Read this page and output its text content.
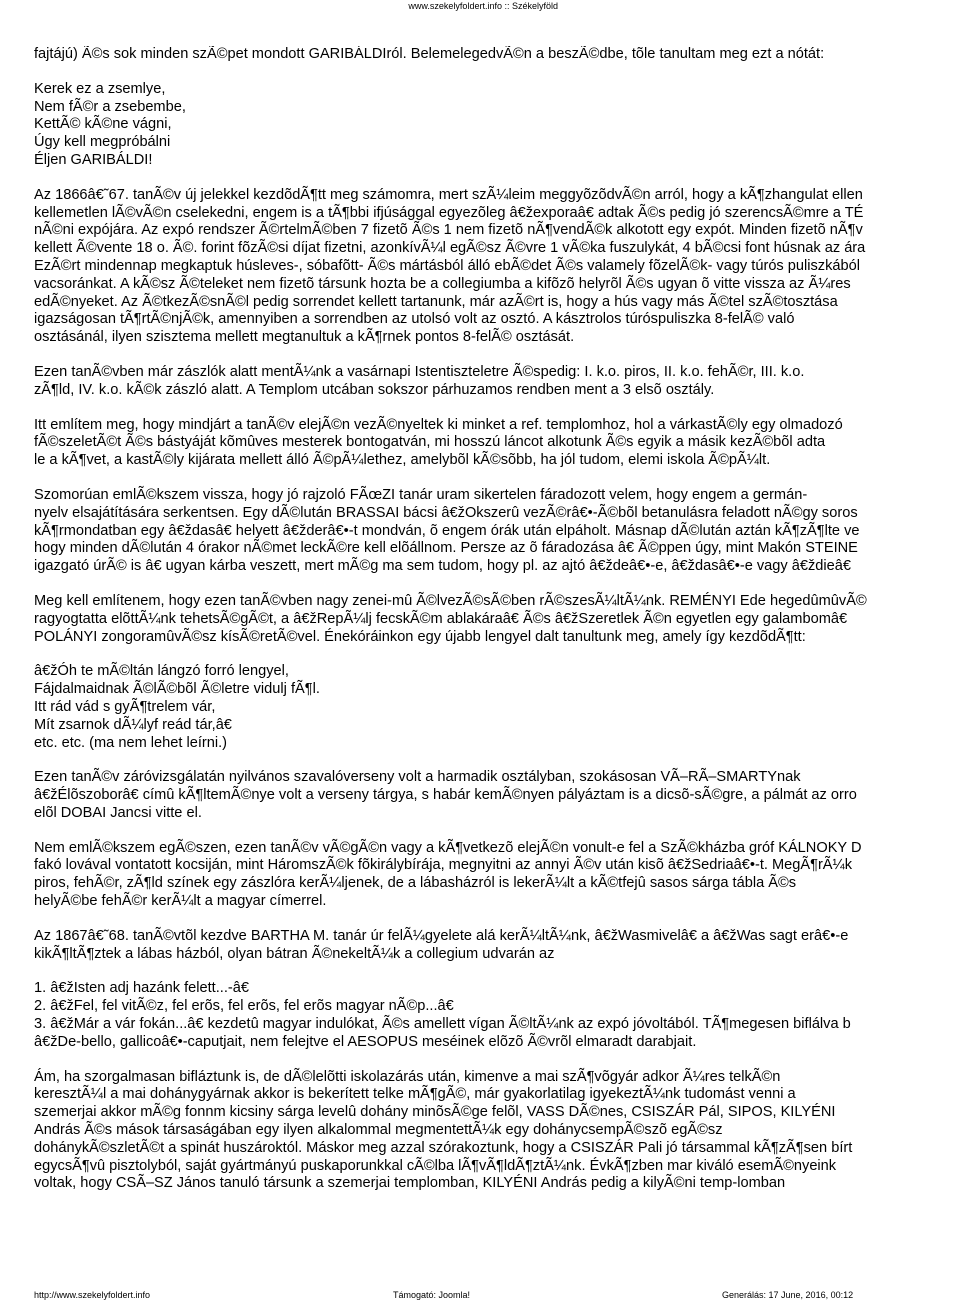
www.szekelyfoldert.info :: Székelyföld

fajtájú) Ã©s sok minden szÃ©pet mondott GARIBÁLDIról. BelemelegedvÃ©n a beszÃ©dbe, tõle tanultam meg ezt a nótát:

Kerek ez a zsemlye,

Nem fÃ©r a zsebembe,

KettÃ© kÃ©ne vágni,

Úgy kell megpróbálni

Éljen GARIBÁLDI!

Az 1866â€˜67. tanÃ©v új jelekkel kezdõdÃ¶tt meg számomra, mert szÃ¼leim meggyõzõdvÃ©n arról, hogy a kÃ¶zhangulat ellen

kellemetlen lÃ©vÃ©n cselekedni, engem is a tÃ¶bbi ifjúsággal egyezõleg â€žexporaâ€ adtak Ã©s pedig jó szerencsÃ©mre a TÉ

nÃ©ni expójára. Az expó rendszer Ã©rtelmÃ©ben 7 fizetõ Ã©s 1 nem fizetõ nÃ¶vendÃ©k alkotott egy expót. Minden fizetõ nÃ¶v

kellett Ã©vente 18 o. Ã©. forint fõzÃ©si díjat fizetni, azonkívÃ¼l egÃ©sz Ã©vre 1 vÃ©ka fuszulykát, 4 bÃ©csi font húsnak az ára

EzÃ©rt mindennap megkaptuk húsleves-, sóbafõtt- Ã©s mártásból álló ebÃ©det Ã©s valamely fõzelÃ©k- vagy túrós puliszkából

vacsoránkat. A kÃ©sz Ã©teleket nem fizetõ társunk hozta be a collegiumba a kifõzõ helyrõl Ã©s ugyan õ vitte vissza az Ã¼res

edÃ©nyeket. Az Ã©tkezÃ©snÃ©l pedig sorrendet kellett tartanunk, már azÃ©rt is, hogy a hús vagy más Ã©tel szÃ©tosztása

igazságosan tÃ¶rtÃ©njÃ©k, amennyiben a sorrendben az utolsó volt az osztó. A kásztrolos túróspuliszka 8-felÃ© való

osztásánál, ilyen szisztema mellett megtanultuk a kÃ¶rnek pontos 8-felÃ© osztását.

Ezen tanÃ©vben már zászlók alatt mentÃ¼nk a vasárnapi Istentiszteletre Ã©spedig: I. k.o. piros, II. k.o. fehÃ©r, III. k.o.

zÃ¶ld, IV. k.o. kÃ©k zászló alatt. A Templom utcában sokszor párhuzamos rendben ment a 3 elsõ osztály.

Itt említem meg, hogy mindjárt a tanÃ©v elejÃ©n vezÃ©nyeltek ki minket a ref. templomhoz, hol a várkastÃ©ly egy olmadozó

fÃ©szeletÃ©t Ã©s bástyáját kõmûves mesterek bontogatván, mi hosszú láncot alkotunk Ã©s egyik a másik kezÃ©bõl adta

le a kÃ¶vet, a kastÃ©ly kijárata mellett álló Ã©pÃ¼lethez, amelybõl kÃ©sõbb, ha jól tudom, elemi iskola Ã©pÃ¼lt.

Szomorúan emlÃ©kszem vissza, hogy jó rajzoló FÃœZI tanár uram sikertelen fáradozott velem, hogy engem a germán-

nyelv elsajátítására serkentsen. Egy dÃ©lután BRASSAI bácsi â€žOkszerû vezÃ©râ€•-Ã©bõl betanulásra feladott nÃ©gy soros

kÃ¶rmondatban egy â€ždasâ€ helyett â€žderâ€•-t mondván, õ engem órák után elpáholt. Másnap dÃ©lután aztán kÃ¶zÃ¶lte ve

hogy minden dÃ©lután 4 órakor nÃ©met leckÃ©re kell elõállnom. Persze az õ fáradozása â€ Ã©ppen úgy, mint Makón STEINE

igazgató úrÃ© is â€ ugyan kárba veszett, mert mÃ©g ma sem tudom, hogy pl. az ajtó â€ždeâ€•-e, â€ždasâ€•-e vagy â€ždieâ€

Meg kell említenem, hogy ezen tanÃ©vben nagy zenei-mû Ã©lvezÃ©sÃ©ben rÃ©szesÃ¼ltÃ¼nk. REMÉNYI Ede hegedûmûvÃ©

ragyogtatta elõttÃ¼nk tehetsÃ©gÃ©t, a â€žRepÃ¼lj fecskÃ©m ablakáraâ€ Ã©s â€žSzeretlek Ã©n egyetlen egy galambomâ€

POLÁNYI zongoramûvÃ©sz kísÃ©retÃ©vel. Énekóráinkon egy újabb lengyel dalt tanultunk meg, amely így kezdõdÃ¶tt:

â€žÓh te mÃ©ltán lángzó forró lengyel,

Fájdalmaidnak Ã©lÃ©bõl Ã©letre vidulj fÃ¶l.

Itt rád vád s gyÃ¶trelem vár,

Mít zsarnok dÃ¼lyf reád tár,â€

etc. etc. (ma nem lehet leírni.)

Ezen tanÃ©v záróvizsgálatán nyilvános szavalóverseny volt a harmadik osztályban, szokásosan VÃ–RÃ–SMARTYnak

â€žÉlõszoborâ€ címû kÃ¶ltemÃ©nye volt a verseny tárgya, s habár kemÃ©nyen pályáztam is a dicsõ-sÃ©gre, a pálmát az orro

elõl DOBAI Jancsi vitte el.

Nem emlÃ©kszem egÃ©szen, ezen tanÃ©v vÃ©gÃ©n vagy a kÃ¶vetkezõ elejÃ©n vonult-e fel a SzÃ©kházba gróf KÁLNOKY D

fakó lovával vontatott kocsiján, mint HáromszÃ©k fõkirálybírája, megnyitni az annyi Ã©v után kisõ â€žSedriaâ€•-t. MegÃ¶rÃ¼k

piros, fehÃ©r, zÃ¶ld színek egy zászlóra kerÃ¼ljenek, de a lábasházról is lekerÃ¼lt a kÃ©tfejû sasos sárga tábla Ã©s

helyÃ©be fehÃ©r kerÃ¼lt a magyar címerrel.

Az 1867â€˜68. tanÃ©vtõl kezdve BARTHA M. tanár úr felÃ¼gyelete alá kerÃ¼ltÃ¼nk, â€žWasmivelâ€ a â€žWas sagt erâ€•-e

kikÃ¶ltÃ¶ztek a lábas házból, olyan bátran Ã©nekeltÃ¼k a collegium udvarán az

1. â€žIsten adj hazánk felett...-â€

2. â€žFel, fel vitÃ©z, fel erõs, fel erõs, fel erõs magyar nÃ©p...â€

3. â€žMár a vár fokán...â€ kezdetû magyar indulókat, Ã©s amellett vígan Ã©ltÃ¼nk az expó jóvoltából. TÃ¶megesen biflálva b

â€žDe-bello, gallicoâ€•-caputjait, nem felejtve el AESOPUS meséinek elõzõ Ã©vrõl elmaradt darabjait.

Ám, ha szorgalmasan bifláztunk is, de dÃ©lelõtti iskolazárás után, kimenve a mai szÃ¶võgyár adkor Ã¼res telkÃ©n

keresztÃ¼l a mai dohánygyárnak akkor is bekerített telke mÃ¶gÃ©, már gyakorlatilag igyekeztÃ¼nk tudomást venni a

szemerjai akkor mÃ©g fonnm kicsiny sárga levelû dohány minõsÃ©ge felõl, VASS DÃ©nes, CSISZÁR Pál, SIPOS, KILYÉNI

András Ã©s mások társaságában egy ilyen alkalommal megmentettÃ¼k egy dohánycsempÃ©szõ egÃ©sz

dohánykÃ©szletÃ©t a spinát huszároktól. Máskor meg azzal szórakoztunk, hogy a CSISZÁR Pali jó társammal kÃ¶zÃ¶sen bírt

egycsÃ¶vû pisztolyból, saját gyártmányú puskaporunkkal cÃ©lba lÃ¶vÃ¶ldÃ¶ztÃ¼nk. ÉvkÃ¶zben mar kiváló esemÃ©nyeink

voltak, hogy CSÃ–SZ János tanuló társunk a szemerjai templomban, KILYÉNI András pedig a kilyÃ©ni temp-lomban

http://www.szekelyfoldert.info	Támogató: Joomla!	Generálás: 17 June, 2016, 00:12
